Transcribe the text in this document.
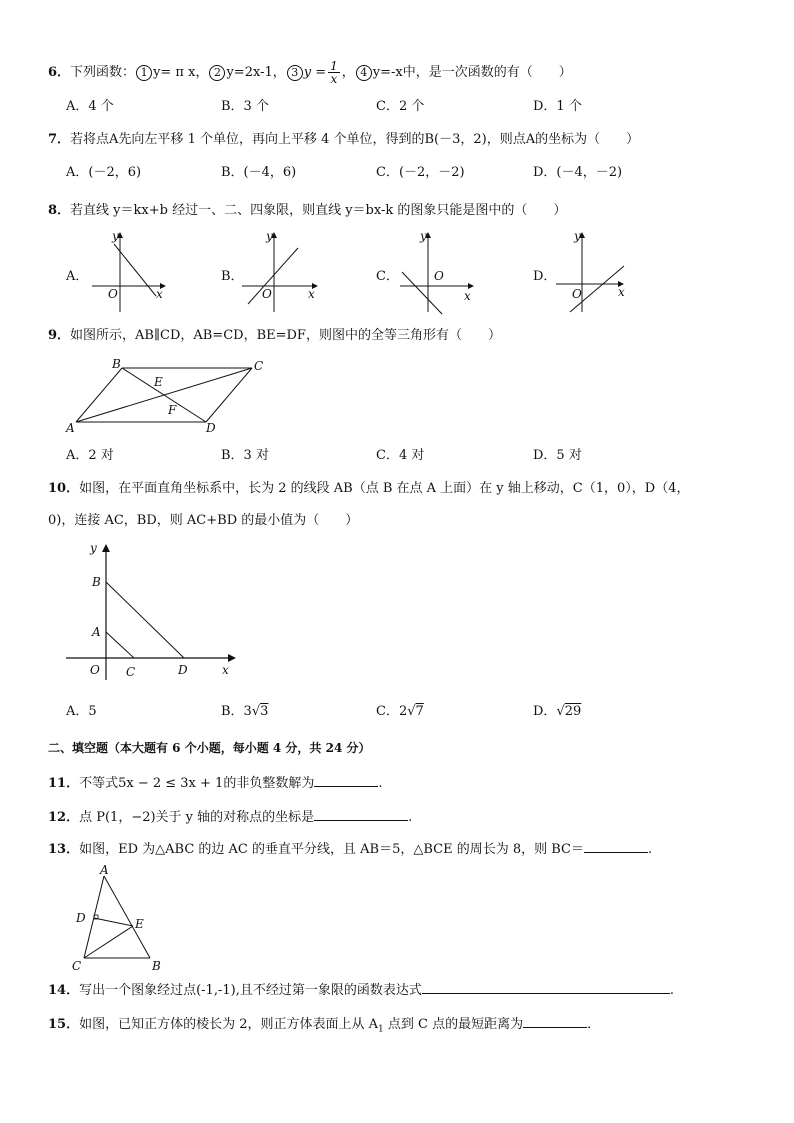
6．下列函数： 1 y= π x， 2 y=2x-1， 3 $y = \frac{1}{x}$ ， 4 y=-x中，是一次函数的有（　　）
A．4 个	B．3 个	C．2 个	D．1 个
7．若将点A先向左平移 1 个单位，再向上平移 4 个单位，得到的B(－3，2)，则点A的坐标为（　　）
A．(－2，6)	B．(－4，6)	C．(－2，－2)	D．(－4，－2)
8．若直线 y＝kx+b 经过一、二、四象限，则直线 y＝bx-k 的图象只能是图中的（　　）
A．	B．	C．	D．
y
x
O
y
x
O
y
x
O
y
x
O
9．如图所示，AB∥CD，AB=CD，BE=DF，则图中的全等三角形有（　　）
B	C
A	D
E
F
A．2 对	B．3 对	C．4 对	D．5 对
10．如图，在平面直角坐标系中，长为 2 的线段 AB（点 B 在点 A 上面）在 y 轴上移动，C（1，0），D（4，
0)，连接 AC，BD，则 AC+BD 的最小值为（　　）
y
x
B
A
O C	D
A．5	B．3√3	C．2√7	D．√29
二、填空题（本大题有 6 个小题，每小题 4 分，共 24 分）
11．不等式5x − 2 ≤ 3x + 1的非负整数解为	.
12．点 P(1，−2)关于 y 轴的对称点的坐标是	.
13．如图，ED 为△ABC 的边 AC 的垂直平分线，且 AB＝5，△BCE 的周长为 8，则 BC＝	.
A
D	E
C	B
14．写出一个图象经过点(-1,-1),且不经过第一象限的函数表达式	.
15．如图，已知正方体的棱长为 2，则正方体表面上从 $A_1$ 点到 C 点的最短距离为	．
